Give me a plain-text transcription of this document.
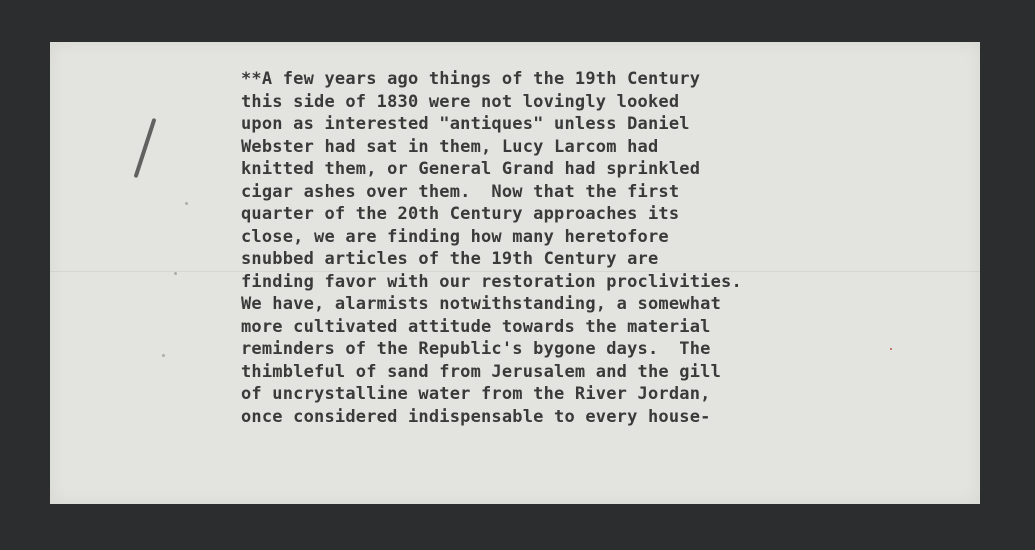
**A few years ago things of the 19th Century
this side of 1830 were not lovingly looked
upon as interested "antiques" unless Daniel
Webster had sat in them, Lucy Larcom had
knitted them, or General Grand had sprinkled
cigar ashes over them.  Now that the first
quarter of the 20th Century approaches its
close, we are finding how many heretofore
snubbed articles of the 19th Century are
finding favor with our restoration proclivities.
We have, alarmists notwithstanding, a somewhat
more cultivated attitude towards the material
reminders of the Republic's bygone days.  The
thimbleful of sand from Jerusalem and the gill
of uncrystalline water from the River Jordan,
once considered indispensable to every house-
